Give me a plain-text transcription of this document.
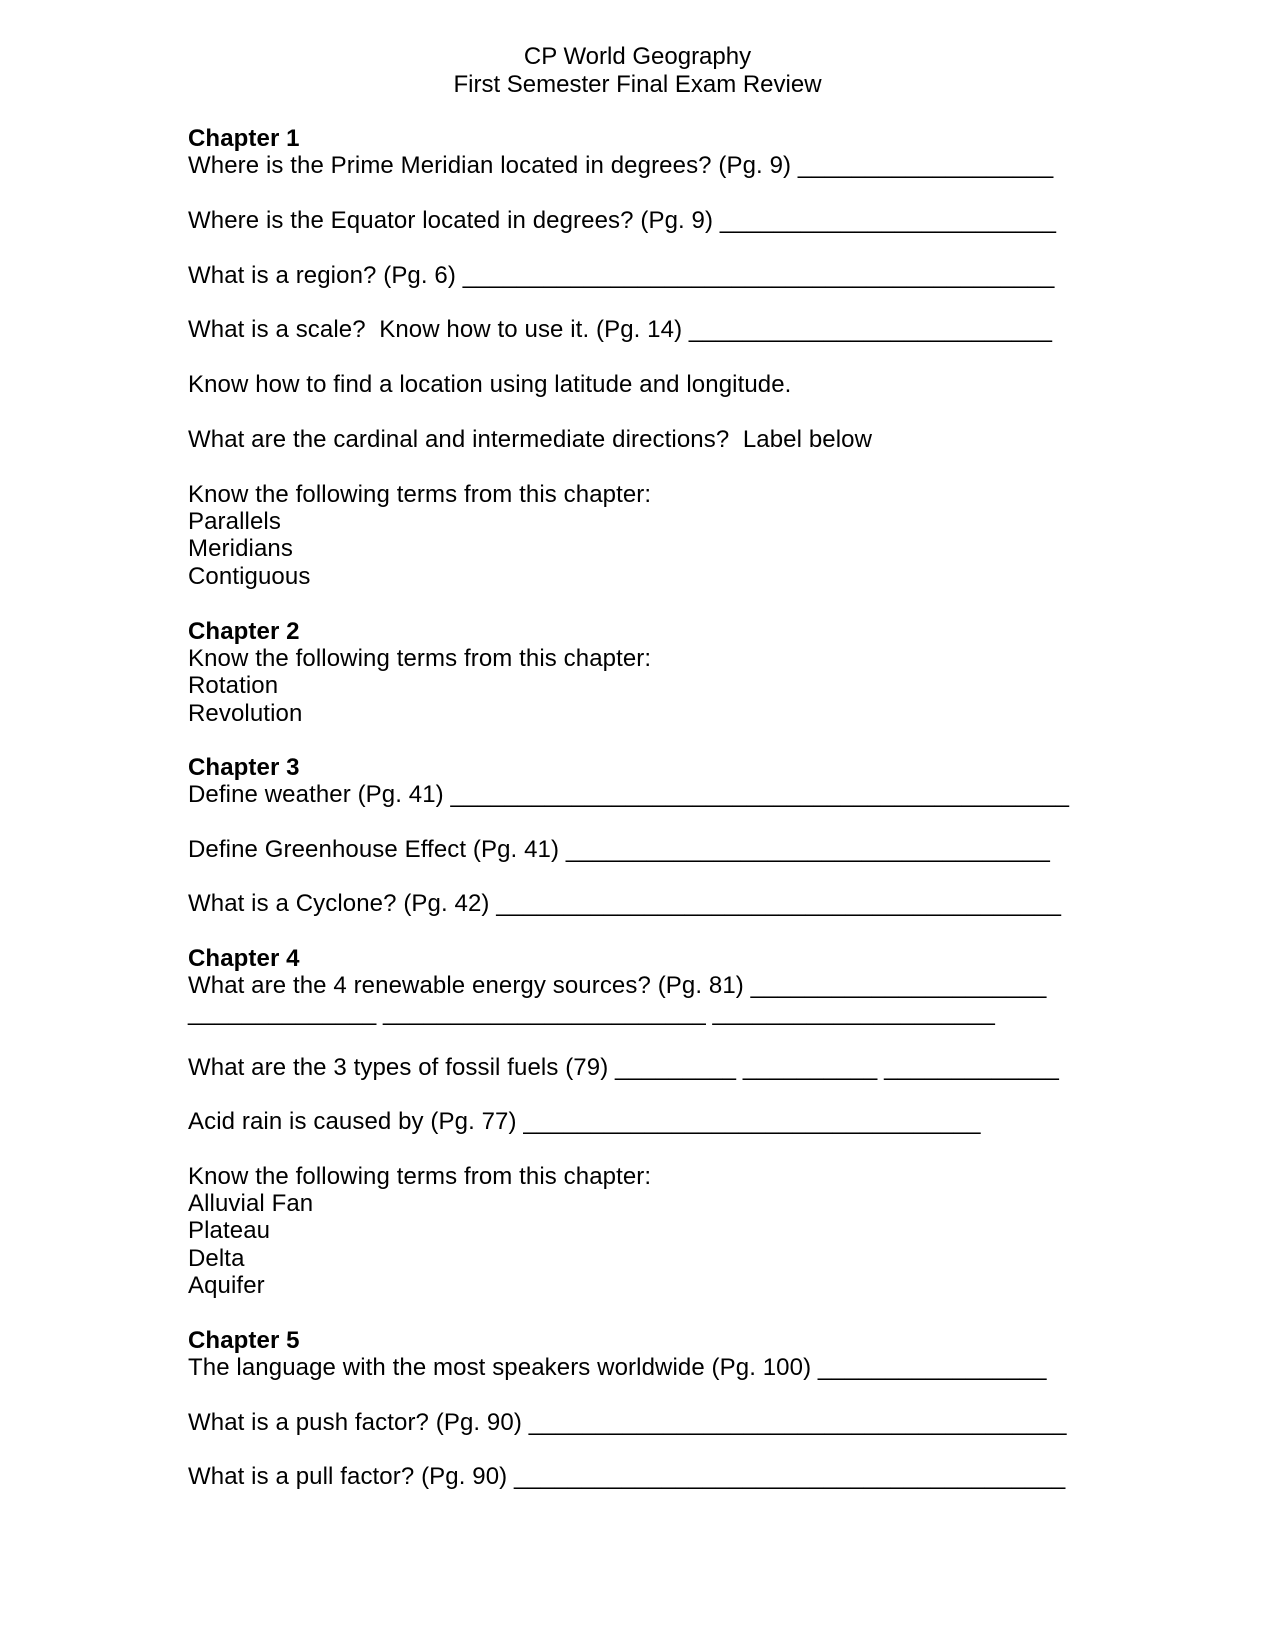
CP World Geography
First Semester Final Exam Review
Chapter 1
Where is the Prime Meridian located in degrees? (Pg. 9) ___________________
Where is the Equator located in degrees? (Pg. 9) _________________________
What is a region? (Pg. 6) ____________________________________________
What is a scale?  Know how to use it. (Pg. 14) ___________________________
Know how to find a location using latitude and longitude.
What are the cardinal and intermediate directions?  Label below
Know the following terms from this chapter:
Parallels
Meridians
Contiguous
Chapter 2
Know the following terms from this chapter:
Rotation
Revolution
Chapter 3
Define weather (Pg. 41) ______________________________________________
Define Greenhouse Effect (Pg. 41) ____________________________________
What is a Cyclone? (Pg. 42) __________________________________________
Chapter 4
What are the 4 renewable energy sources? (Pg. 81) ______________________
______________ ________________________ _____________________
What are the 3 types of fossil fuels (79) _________ __________ _____________
Acid rain is caused by (Pg. 77) __________________________________
Know the following terms from this chapter:
Alluvial Fan
Plateau
Delta
Aquifer
Chapter 5
The language with the most speakers worldwide (Pg. 100) _________________
What is a push factor? (Pg. 90) ________________________________________
What is a pull factor? (Pg. 90) _________________________________________
